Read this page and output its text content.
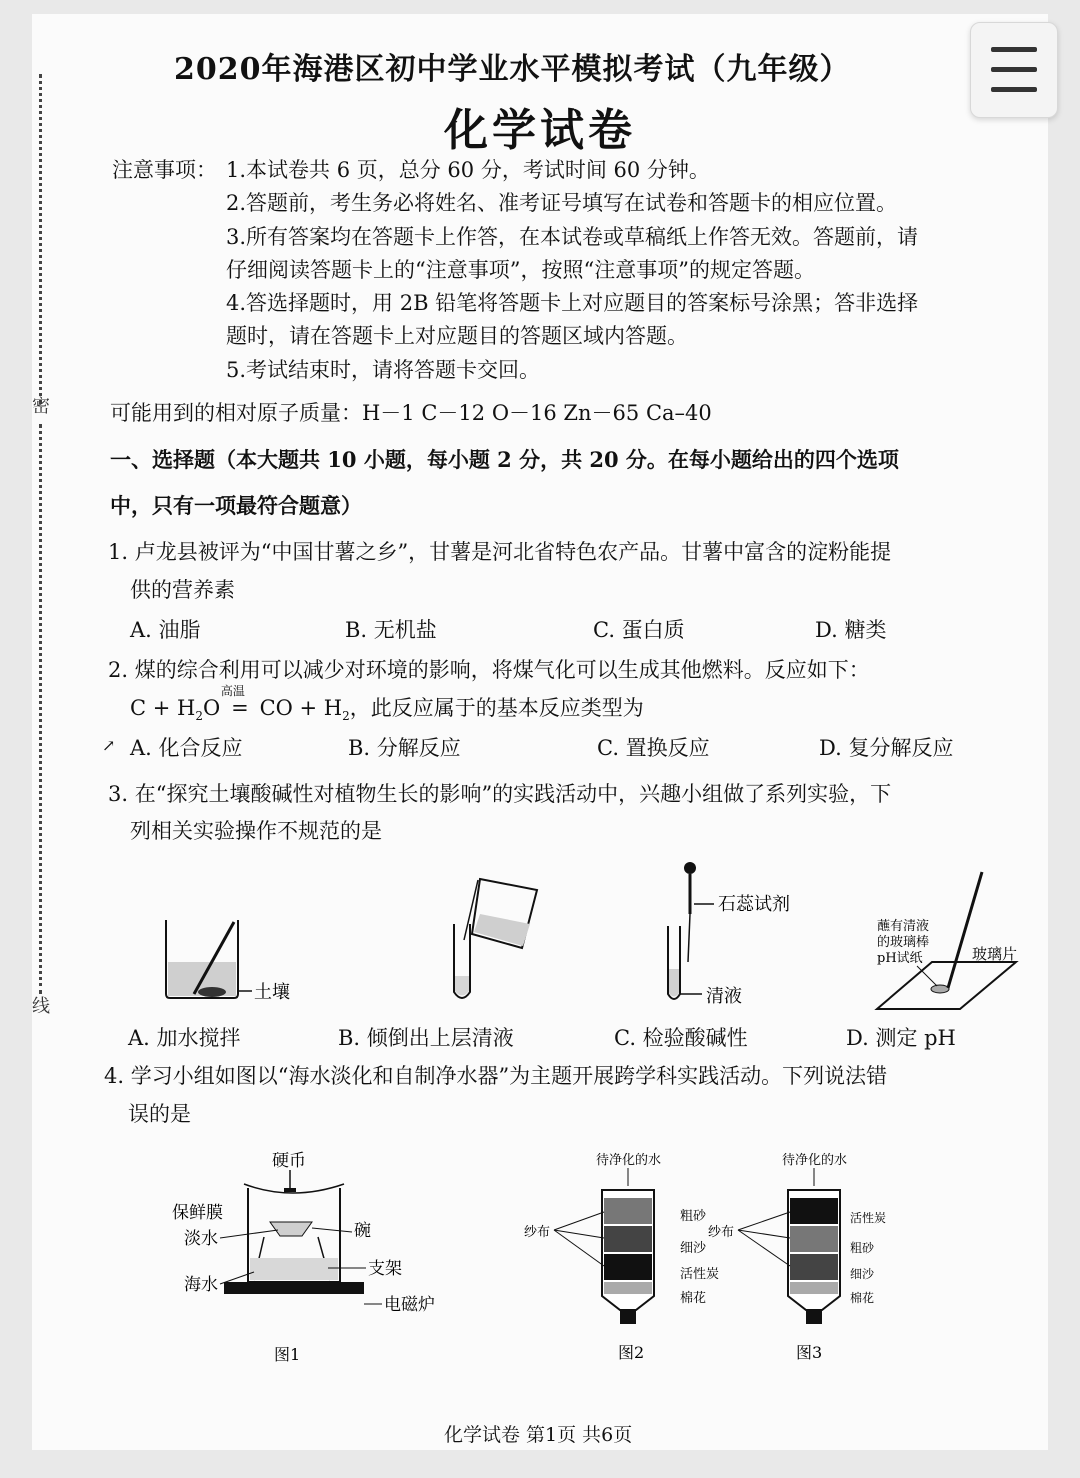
密
线
2020年海港区初中学业水平模拟考试（九年级）
化学试卷
注意事项： 1.本试卷共 6 页，总分 60 分，考试时间 60 分钟。
2.答题前，考生务必将姓名、准考证号填写在试卷和答题卡的相应位置。
3.所有答案均在答题卡上作答，在本试卷或草稿纸上作答无效。答题前，请
仔细阅读答题卡上的“注意事项”，按照“注意事项”的规定答题。
4.答选择题时，用 2B 铅笔将答题卡上对应题目的答案标号涂黑；答非选择
题时，请在答题卡上对应题目的答题区域内答题。
5.考试结束时，请将答题卡交回。
可能用到的相对原子质量：H－1 C－12 O－16 Zn－65 Ca–40
一、选择题（本大题共 10 小题，每小题 2 分，共 20 分。在每小题给出的四个选项
中，只有一项最符合题意）
1. 卢龙县被评为“中国甘薯之乡”，甘薯是河北省特色农产品。甘薯中富含的淀粉能提
供的营养素
A. 油脂	B. 无机盐	C. 蛋白质	D. 糖类
2. 煤的综合利用可以减少对环境的影响，将煤气化可以生成其他燃料。反应如下：
$C + H_2O$
高温
= CO + $H_2$，此反应属于的基本反应类型为
A. 化合反应	B. 分解反应	C. 置换反应	D. 复分解反应
↗
3. 在“探究土壤酸碱性对植物生长的影响”的实践活动中，兴趣小组做了系列实验，下
列相关实验操作不规范的是
土壤
石蕊试剂
清液
蘸有清液
的玻璃棒
pH试纸	玻璃片
A. 加水搅拌	B. 倾倒出上层清液	C. 检验酸碱性	D. 测定 pH
4. 学习小组如图以“海水淡化和自制净水器”为主题开展跨学科实践活动。下列说法错
误的是
硬币
保鲜膜
淡水	碗
海水
支架
电磁炉
图1
待净化的水
纱布
粗砂
细沙
活性炭
棉花
图2
待净化的水
纱布
活性炭
粗砂
细沙
棉花
图3
化学试卷 第1页 共6页
